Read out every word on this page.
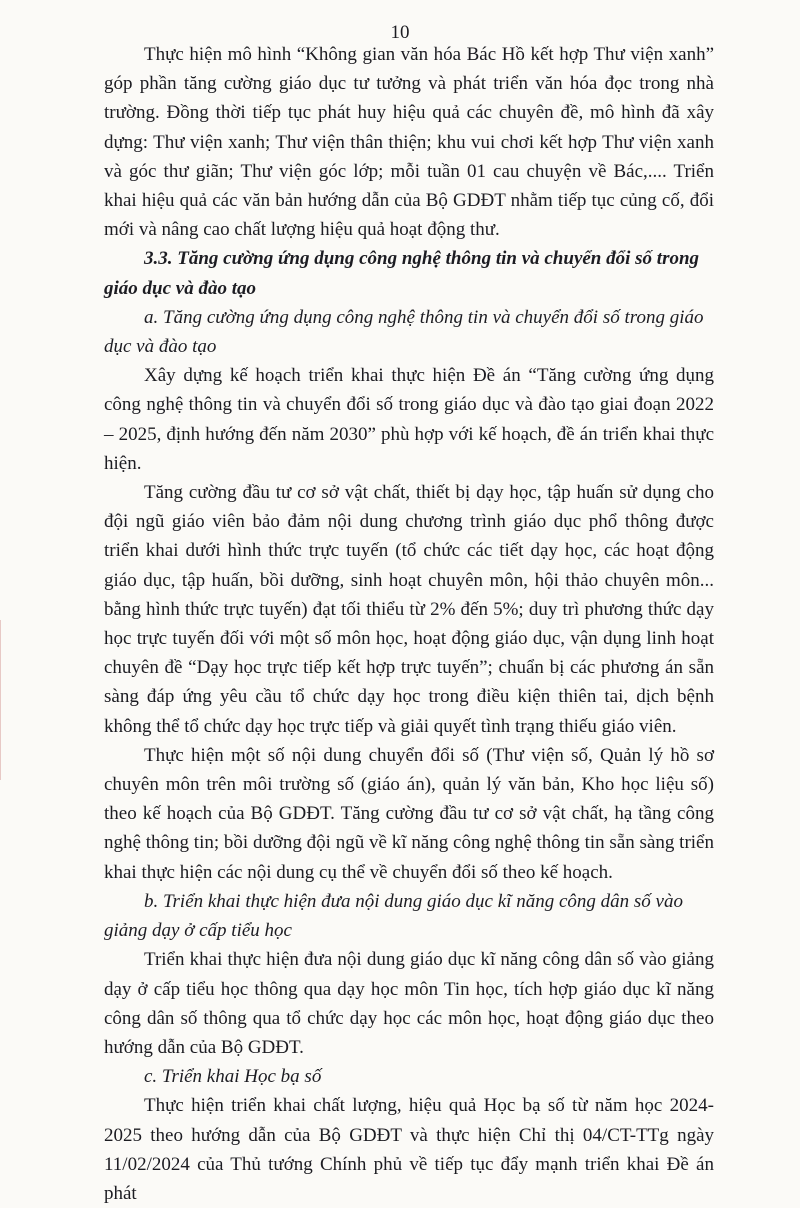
10

Thực hiện mô hình “Không gian văn hóa Bác Hồ kết hợp Thư viện xanh” góp phần tăng cường giáo dục tư tưởng và phát triển văn hóa đọc trong nhà trường. Đồng thời tiếp tục phát huy hiệu quả các chuyên đề, mô hình đã xây dựng: Thư viện xanh; Thư viện thân thiện; khu vui chơi kết hợp Thư viện xanh và góc thư giãn; Thư viện góc lớp; mỗi tuần 01 cau chuyện về Bác,.... Triển khai hiệu quả các văn bản hướng dẫn của Bộ GDĐT nhằm tiếp tục củng cố, đổi mới và nâng cao chất lượng hiệu quả hoạt động thư.

3.3. Tăng cường ứng dụng công nghệ thông tin và chuyển đổi số trong giáo dục và đào tạo

a. Tăng cường ứng dụng công nghệ thông tin và chuyển đổi số trong giáo dục và đào tạo

Xây dựng kế hoạch triển khai thực hiện Đề án “Tăng cường ứng dụng công nghệ thông tin và chuyển đổi số trong giáo dục và đào tạo giai đoạn 2022 – 2025, định hướng đến năm 2030” phù hợp với kế hoạch, đề án triển khai thực hiện.

Tăng cường đầu tư cơ sở vật chất, thiết bị dạy học, tập huấn sử dụng cho đội ngũ giáo viên bảo đảm nội dung chương trình giáo dục phổ thông được triển khai dưới hình thức trực tuyến (tổ chức các tiết dạy học, các hoạt động giáo dục, tập huấn, bồi dưỡng, sinh hoạt chuyên môn, hội thảo chuyên môn... bằng hình thức trực tuyến) đạt tối thiểu từ 2% đến 5%; duy trì phương thức dạy học trực tuyến đối với một số môn học, hoạt động giáo dục, vận dụng linh hoạt chuyên đề “Dạy học trực tiếp kết hợp trực tuyến”; chuẩn bị các phương án sẵn sàng đáp ứng yêu cầu tổ chức dạy học trong điều kiện thiên tai, dịch bệnh không thể tổ chức dạy học trực tiếp và giải quyết tình trạng thiếu giáo viên.

Thực hiện một số nội dung chuyển đổi số (Thư viện số, Quản lý hồ sơ chuyên môn trên môi trường số (giáo án), quản lý văn bản, Kho học liệu số) theo kế hoạch của Bộ GDĐT. Tăng cường đầu tư cơ sở vật chất, hạ tầng công nghệ thông tin; bồi dưỡng đội ngũ về kĩ năng công nghệ thông tin sẵn sàng triển khai thực hiện các nội dung cụ thể về chuyển đổi số theo kế hoạch.

b. Triển khai thực hiện đưa nội dung giáo dục kĩ năng công dân số vào giảng dạy ở cấp tiểu học

Triển khai thực hiện đưa nội dung giáo dục kĩ năng công dân số vào giảng dạy ở cấp tiểu học thông qua dạy học môn Tin học, tích hợp giáo dục kĩ năng công dân số thông qua tổ chức dạy học các môn học, hoạt động giáo dục theo hướng dẫn của Bộ GDĐT.

c. Triển khai Học bạ số

Thực hiện triển khai chất lượng, hiệu quả Học bạ số từ năm học 2024-2025 theo hướng dẫn của Bộ GDĐT và thực hiện Chỉ thị 04/CT-TTg ngày 11/02/2024 của Thủ tướng Chính phủ về tiếp tục đẩy mạnh triển khai Đề án phát
